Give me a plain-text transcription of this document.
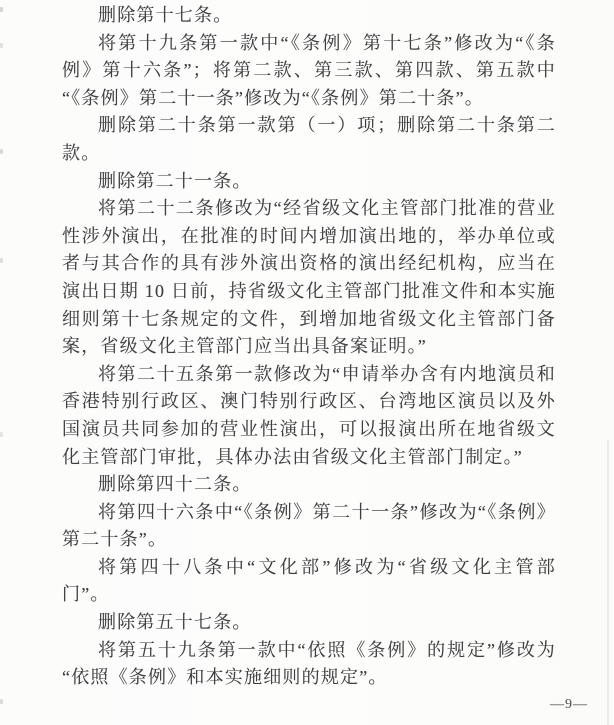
删除第十七条。

将第十九条第一款中“《条例》第十七条”修改为“《条例》第十六条”；将第二款、第三款、第四款、第五款中“《条例》第二十一条”修改为“《条例》第二十条”。

删除第二十条第一款第（一）项；删除第二十条第二款。

删除第二十一条。

将第二十二条修改为“经省级文化主管部门批准的营业性涉外演出，在批准的时间内增加演出地的，举办单位或者与其合作的具有涉外演出资格的演出经纪机构，应当在演出日期 10 日前，持省级文化主管部门批准文件和本实施细则第十七条规定的文件，到增加地省级文化主管部门备案，省级文化主管部门应当出具备案证明。”

将第二十五条第一款修改为“申请举办含有内地演员和香港特别行政区、澳门特别行政区、台湾地区演员以及外国演员共同参加的营业性演出，可以报演出所在地省级文化主管部门审批，具体办法由省级文化主管部门制定。”

删除第四十二条。

将第四十六条中“《条例》第二十一条”修改为“《条例》第二十条”。

将第四十八条中“文化部”修改为“省级文化主管部门”。

删除第五十七条。

将第五十九条第一款中“依照《条例》的规定”修改为“依照《条例》和本实施细则的规定”。

—9—
